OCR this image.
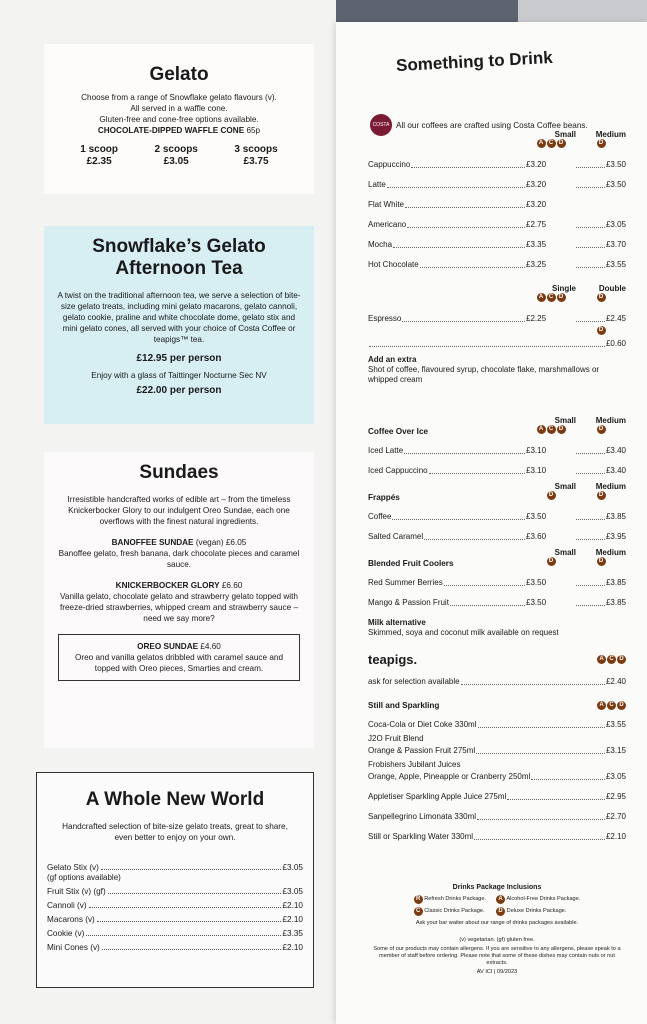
Gelato
Choose from a range of Snowflake gelato flavours (v).
All served in a waffle cone.
Gluten-free and cone-free options available.
CHOCOLATE-DIPPED WAFFLE CONE 65p
1 scoop
£2.35
2 scoops
£3.05
3 scoops
£3.75
Snowflake’s Gelato
Afternoon Tea
A twist on the traditional afternoon tea, we serve a selection of bite-size gelato treats, including mini gelato macarons, gelato cannoli, gelato cookie, praline and white chocolate dome, gelato stix and mini gelato cones, all served with your choice of Costa Coffee or teapigs™ tea.
£12.95 per person
Enjoy with a glass of Taittinger Nocturne Sec NV
£22.00 per person
Sundaes
Irresistible handcrafted works of edible art – from the timeless Knickerbocker Glory to our indulgent Oreo Sundae, each one overflows with the finest natural ingredients.
BANOFFEE SUNDAE (vegan) £6.05
Banoffee gelato, fresh banana, dark chocolate pieces and caramel sauce.
KNICKERBOCKER GLORY £6.60
Vanilla gelato, chocolate gelato and strawberry gelato topped with freeze-dried strawberries, whipped cream and strawberry sauce – need we say more?
OREO SUNDAE £4.60
Oreo and vanilla gelatos dribbled with caramel sauce and topped with Oreo pieces, Smarties and cream.
A Whole New World
Handcrafted selection of bite-size gelato treats, great to share, even better to enjoy on your own.
Gelato Stix (v)	£3.05
(gf options available)
Fruit Stix (v) (gf)	£3.05
Cannoli (v)	£2.10
Macarons (v)	£2.10
Cookie (v)	£3.35
Mini Cones (v)	£2.10
Something to Drink
COSTA All our coffees are crafted using Costa Coffee beans.
Small	Medium
A C D	D
Cappuccino	£3.20	£3.50
Latte	£3.20	£3.50
Flat White	£3.20
Americano	£2.75	£3.05
Mocha	£3.35	£3.70
Hot Chocolate	£3.25	£3.55
Single	Double
A C D	D
Espresso	£2.25	£2.45
D
£0.60
Add an extra
Shot of coffee, flavoured syrup, chocolate flake, marshmallows or whipped cream
Coffee Over Ice
Small	Medium
A C D	D
Iced Latte	£3.10	£3.40
Iced Cappuccino	£3.10	£3.40
Frappés
Small	Medium
D	D
Coffee	£3.50	£3.85
Salted Caramel	£3.60	£3.95
Blended Fruit Coolers
Small	Medium
D	D
Red Summer Berries	£3.50	£3.85
Mango & Passion Fruit	£3.50	£3.85
Milk alternative
Skimmed, soya and coconut milk available on request
teapigs.	A C D
ask for selection available	£2.40
Still and Sparkling	A C D
Coca-Cola or Diet Coke 330ml	£3.55
J2O Fruit Blend
Orange & Passion Fruit 275ml	£3.15
Frobishers Jubilant Juices
Orange, Apple, Pineapple or Cranberry 250ml	£3.05
Appletiser Sparkling Apple Juice 275ml	£2.95
Sanpellegrino Limonata 330ml	£2.70
Still or Sparkling Water 330ml	£2.10
Drinks Package Inclusions
R Refresh Drinks Package.
C Classic Drinks Package.
A Alcohol-Free Drinks Package.
D Deluxe Drinks Package.
Ask your bar waiter about our range of drinks packages available.
(v) vegetarian. (gf) gluten free.
Some of our products may contain allergens. If you are sensitive to any allergens, please speak to a member of staff before ordering. Please note that some of these dishes may contain nuts or nut extracts.
AV ICI | 09/2023
